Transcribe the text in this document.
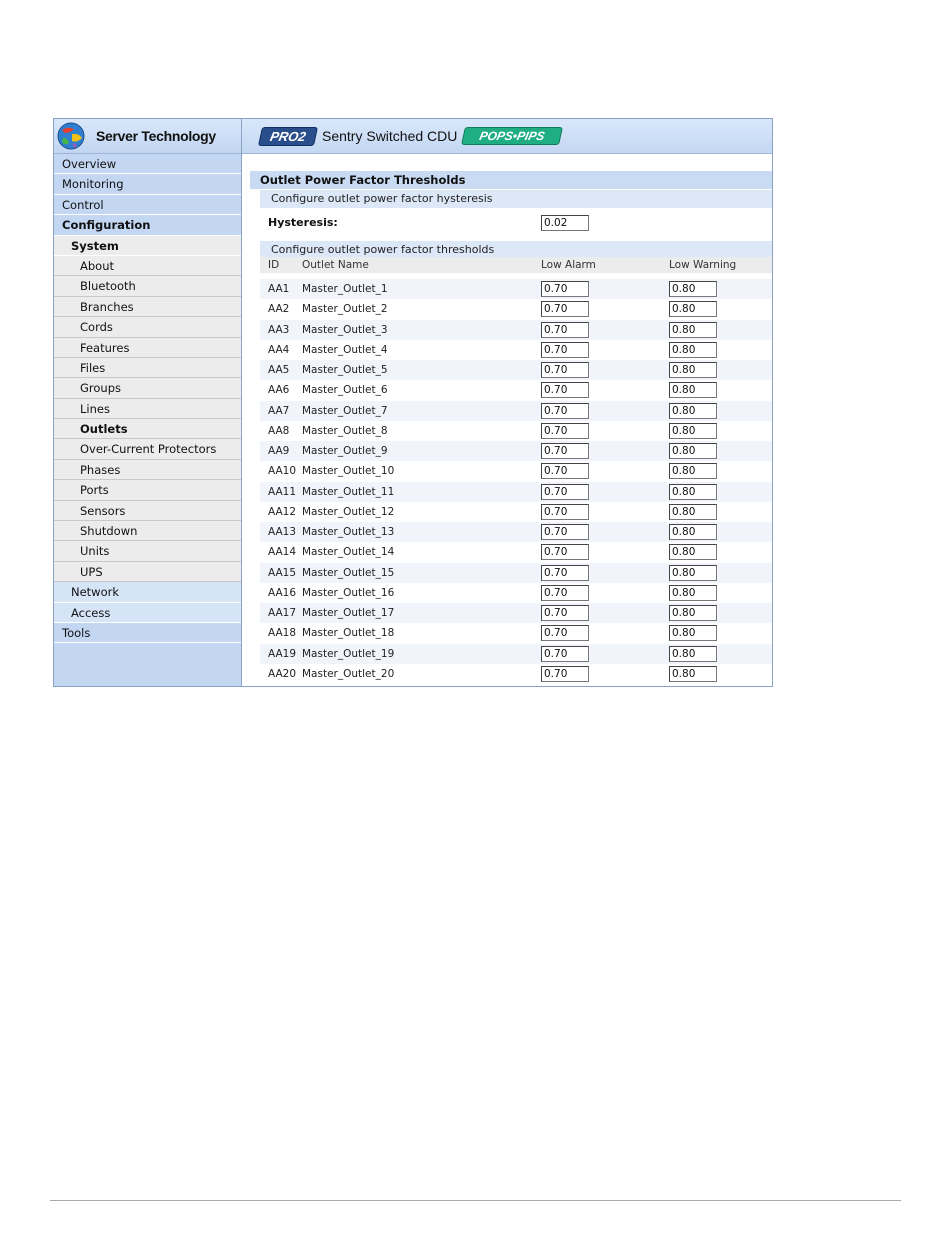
Server Technology
Overview
Monitoring
Control
Configuration
System
About
Bluetooth
Branches
Cords
Features
Files
Groups
Lines
Outlets
Over-Current Protectors
Phases
Ports
Sensors
Shutdown
Units
UPS
Network
Access
Tools
PRO2	Sentry Switched CDU	POPS•PIPS
Outlet Power Factor Thresholds
Configure outlet power factor hysteresis
Hysteresis:	0.02
Configure outlet power factor thresholds
ID Outlet Name	Low Alarm	Low Warning
AA1 Master_Outlet_1	0.70	0.80
AA2 Master_Outlet_2	0.70	0.80
AA3 Master_Outlet_3	0.70	0.80
AA4 Master_Outlet_4	0.70	0.80
AA5 Master_Outlet_5	0.70	0.80
AA6 Master_Outlet_6	0.70	0.80
AA7 Master_Outlet_7	0.70	0.80
AA8 Master_Outlet_8	0.70	0.80
AA9 Master_Outlet_9	0.70	0.80
AA10 Master_Outlet_10	0.70	0.80
AA11 Master_Outlet_11	0.70	0.80
AA12 Master_Outlet_12	0.70	0.80
AA13 Master_Outlet_13	0.70	0.80
AA14 Master_Outlet_14	0.70	0.80
AA15 Master_Outlet_15	0.70	0.80
AA16 Master_Outlet_16	0.70	0.80
AA17 Master_Outlet_17	0.70	0.80
AA18 Master_Outlet_18	0.70	0.80
AA19 Master_Outlet_19	0.70	0.80
AA20 Master_Outlet_20	0.70	0.80
